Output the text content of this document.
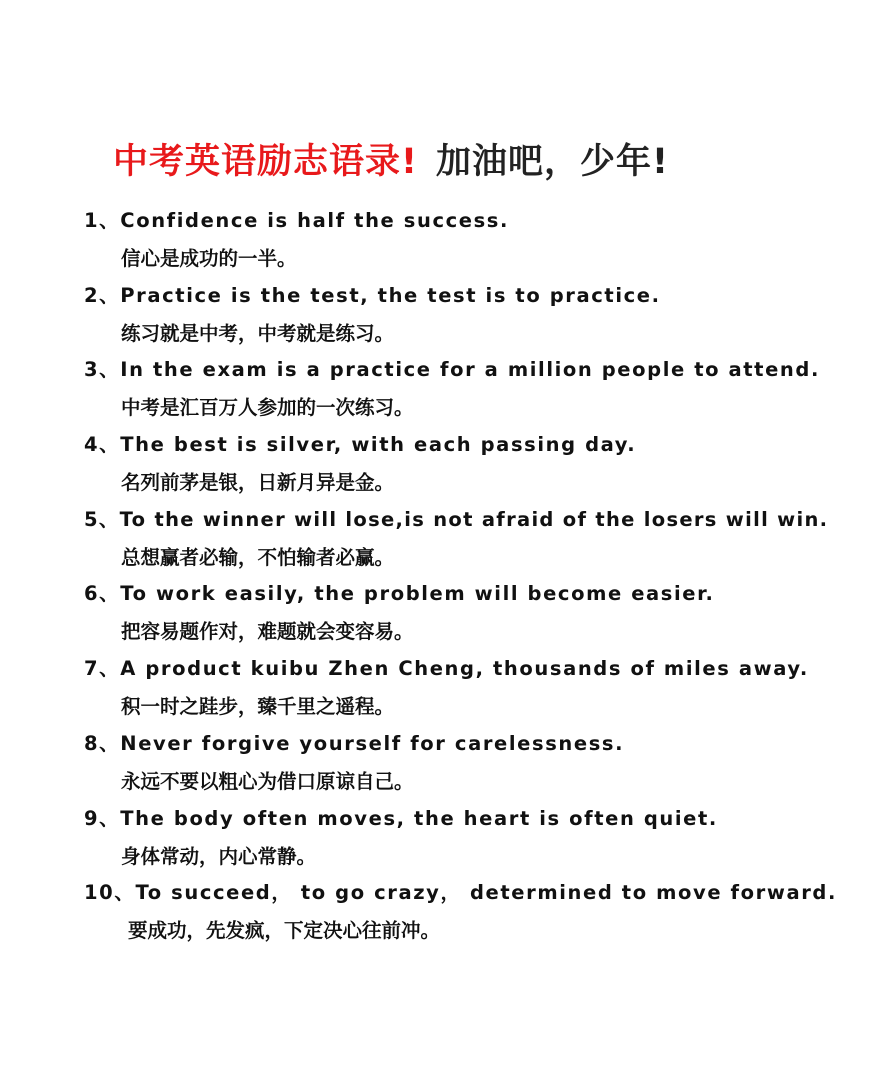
中考英语励志语录! 加油吧，少年!
1、Confidence is half the success.
信心是成功的一半。
2、Practice is the test, the test is to practice.
练习就是中考，中考就是练习。
3、In the exam is a practice for a million people to attend.
中考是汇百万人参加的一次练习。
4、The best is silver, with each passing day.
名列前茅是银，日新月异是金。
5、To the winner will lose,is not afraid of the losers will win.
总想赢者必输，不怕输者必赢。
6、To work easily, the problem will become easier.
把容易题作对，难题就会变容易。
7、A product kuibu Zhen Cheng, thousands of miles away.
积一时之跬步，臻千里之遥程。
8、Never forgive yourself for carelessness.
永远不要以粗心为借口原谅自己。
9、The body often moves, the heart is often quiet.
身体常动，内心常静。
10、To succeed， to go crazy， determined to move forward.
要成功，先发疯，下定决心往前冲。
